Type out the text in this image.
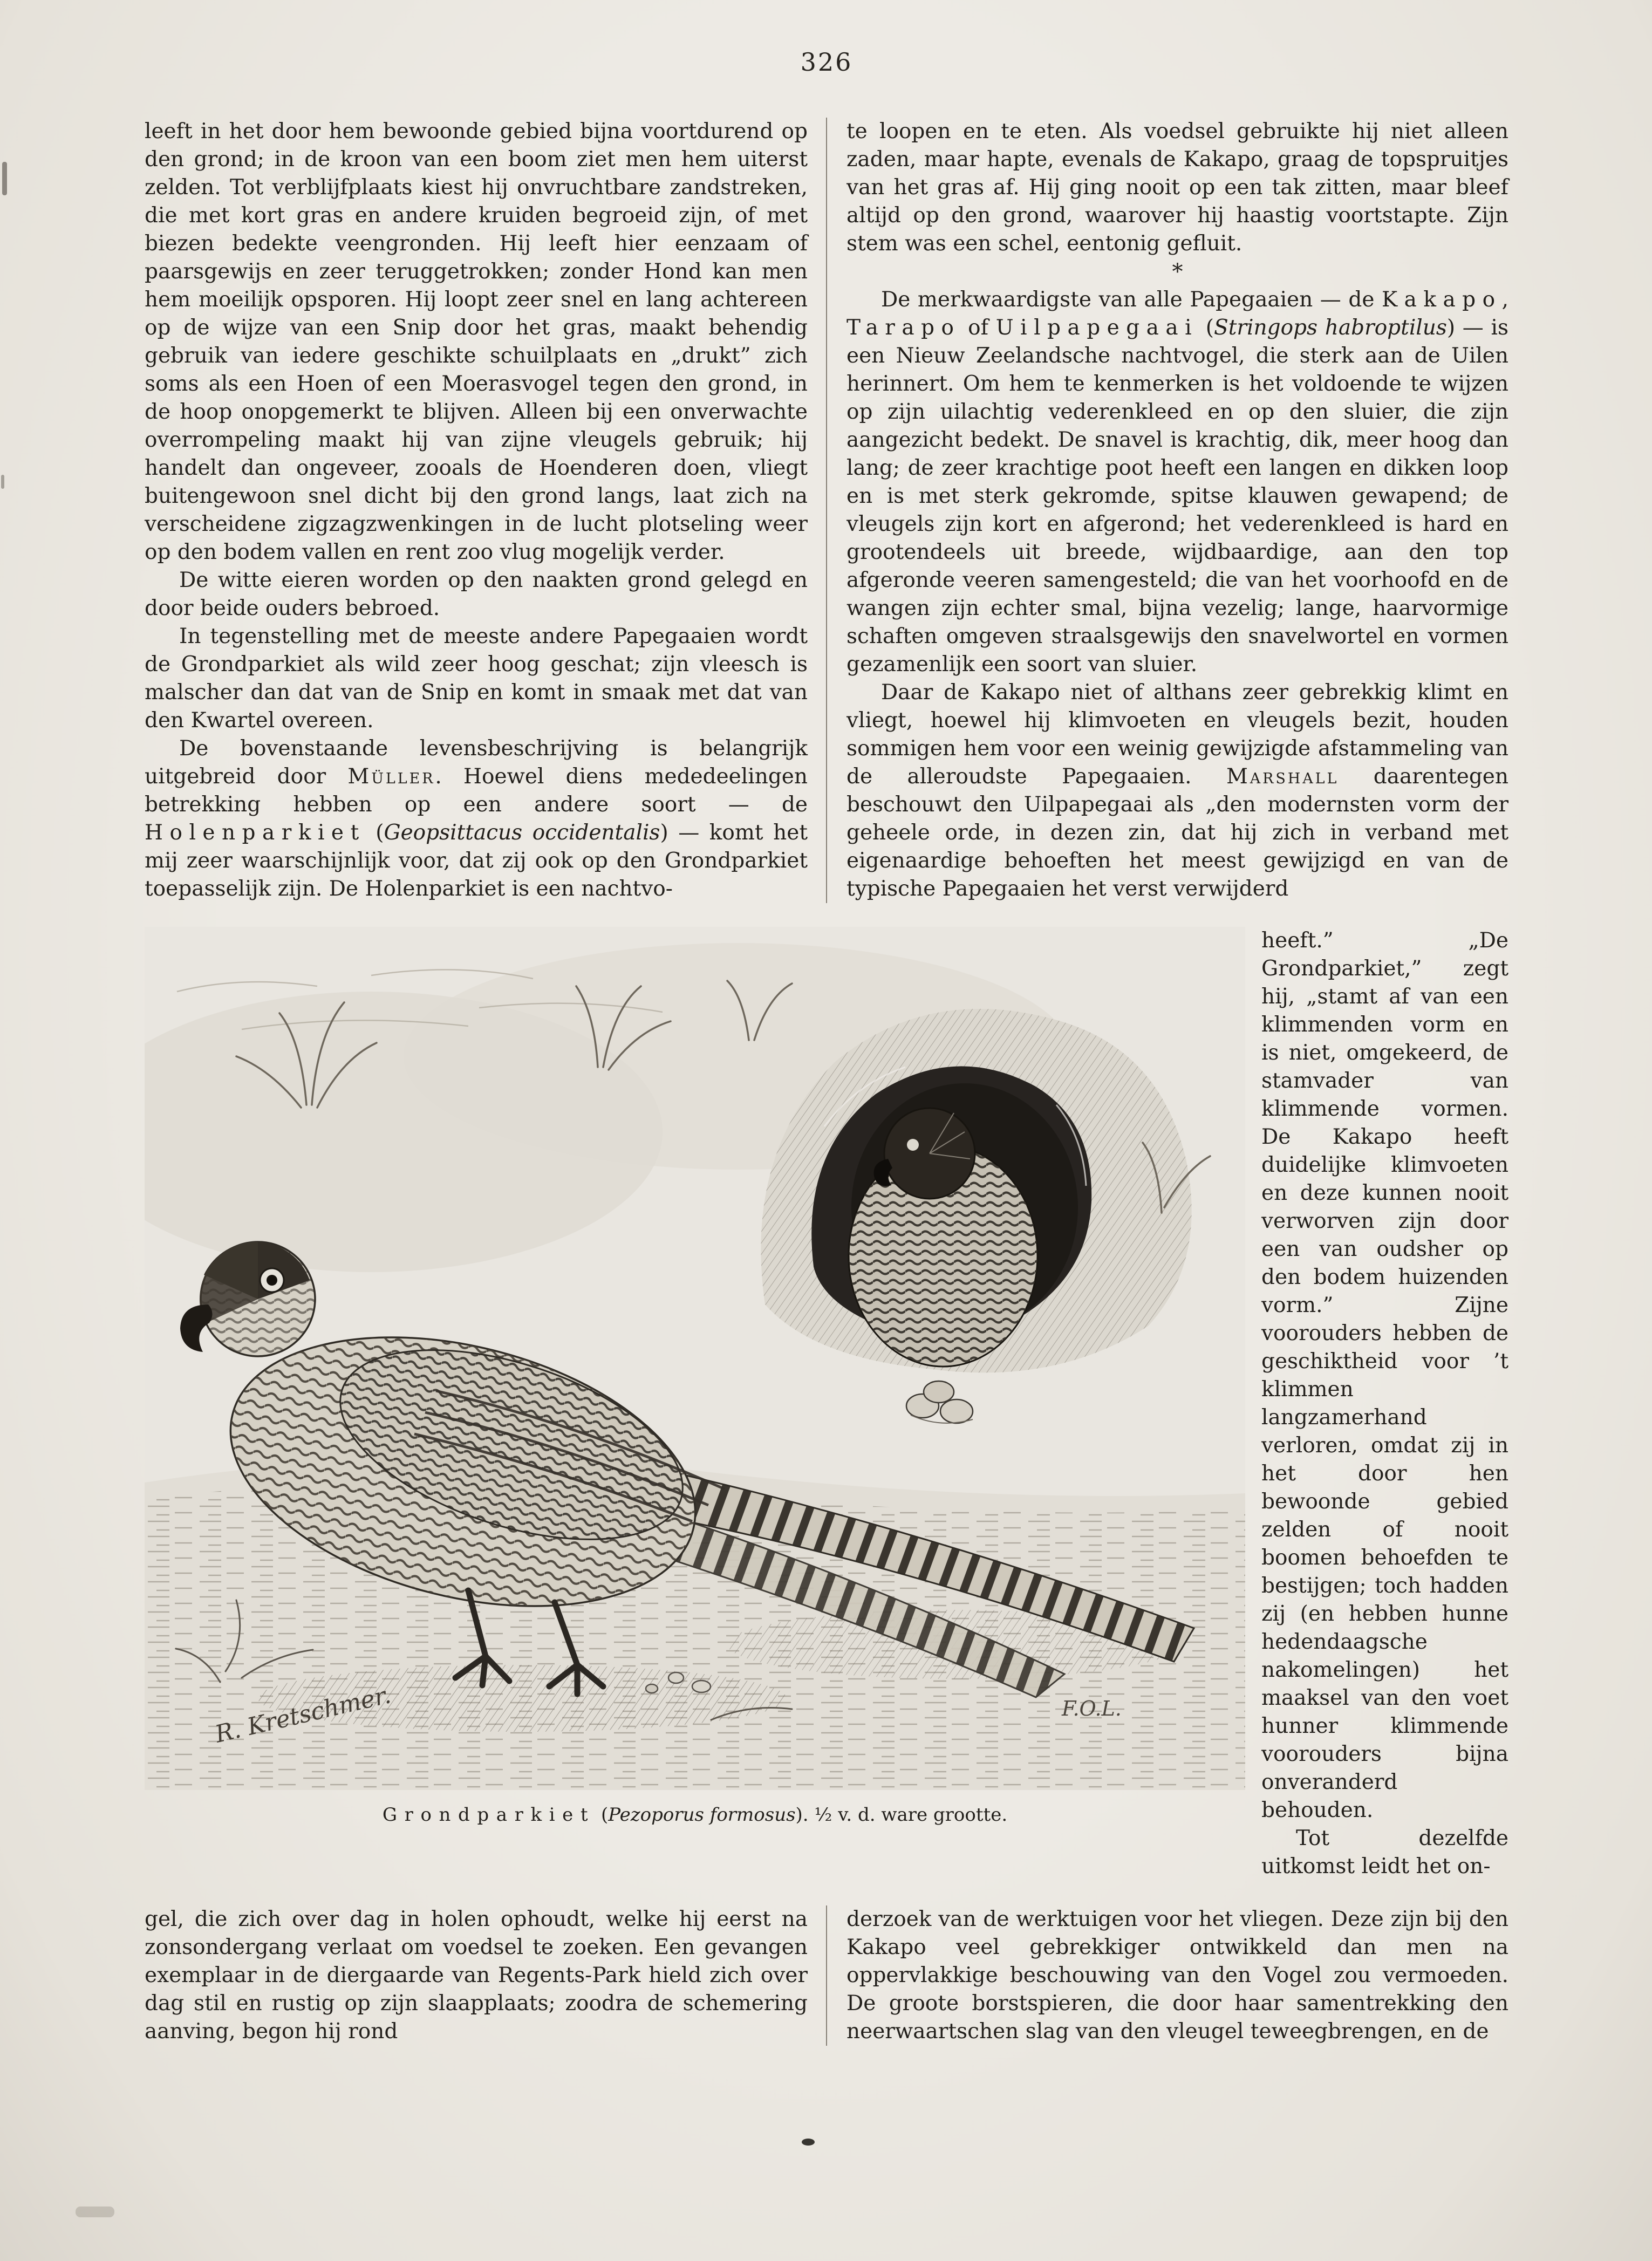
326

leeft in het door hem bewoonde gebied bijna voortdurend op den grond; in de kroon van een boom ziet men hem uiterst zelden. Tot verblijfplaats kiest hij onvruchtbare zandstreken, die met kort gras en andere kruiden begroeid zijn, of met biezen bedekte veengronden. Hij leeft hier eenzaam of paarsgewijs en zeer teruggetrokken; zonder Hond kan men hem moeilijk opsporen. Hij loopt zeer snel en lang achtereen op de wijze van een Snip door het gras, maakt behendig gebruik van iedere geschikte schuilplaats en „drukt” zich soms als een Hoen of een Moerasvogel tegen den grond, in de hoop onopgemerkt te blijven. Alleen bij een onverwachte overrompeling maakt hij van zijne vleugels gebruik; hij handelt dan ongeveer, zooals de Hoenderen doen, vliegt buitengewoon snel dicht bij den grond langs, laat zich na verscheidene zigzagzwenkingen in de lucht plotseling weer op den bodem vallen en rent zoo vlug mogelijk verder.

De witte eieren worden op den naakten grond gelegd en door beide ouders bebroed.

In tegenstelling met de meeste andere Papegaaien wordt de Grondparkiet als wild zeer hoog geschat; zijn vleesch is malscher dan dat van de Snip en komt in smaak met dat van den Kwartel overeen.

De bovenstaande levensbeschrijving is belangrijk uitgebreid door Müller. Hoewel diens mededeelingen betrekking hebben op een andere soort — de Holenparkiet (Geopsittacus occidentalis) — komt het mij zeer waarschijnlijk voor, dat zij ook op den Grondparkiet toepasselijk zijn. De Holenparkiet is een nachtvo-

te loopen en te eten. Als voedsel gebruikte hij niet alleen zaden, maar hapte, evenals de Kakapo, graag de topspruitjes van het gras af. Hij ging nooit op een tak zitten, maar bleef altijd op den grond, waarover hij haastig voortstapte. Zijn stem was een schel, eentonig gefluit.

*

De merkwaardigste van alle Papegaaien — de Kakapo, Tarapo of Uilpapegaai (Stringops habroptilus) — is een Nieuw Zeelandsche nachtvogel, die sterk aan de Uilen herinnert. Om hem te kenmerken is het voldoende te wijzen op zijn uilachtig vederenkleed en op den sluier, die zijn aangezicht bedekt. De snavel is krachtig, dik, meer hoog dan lang; de zeer krachtige poot heeft een langen en dikken loop en is met sterk gekromde, spitse klauwen gewapend; de vleugels zijn kort en afgerond; het vederenkleed is hard en grootendeels uit breede, wijdbaardige, aan den top afgeronde veeren samengesteld; die van het voorhoofd en de wangen zijn echter smal, bijna vezelig; lange, haarvormige schaften omgeven straalsgewijs den snavelwortel en vormen gezamenlijk een soort van sluier.

Daar de Kakapo niet of althans zeer gebrekkig klimt en vliegt, hoewel hij klimvoeten en vleugels bezit, houden sommigen hem voor een weinig gewijzigde afstammeling van de alleroudste Papegaaien. Marshall daarentegen beschouwt den Uilpapegaai als „den modernsten vorm der geheele orde, in dezen zin, dat hij zich in verband met eigenaardige behoeften het meest gewijzigd en van de typische Papegaaien het verst verwijderd

R. Kretschmer.	F.O.L.
Grondparkiet (Pezoporus formosus). ½ v. d. ware grootte.

heeft.” „De Grondparkiet,” zegt hij, „stamt af van een klimmenden vorm en is niet, omgekeerd, de stamvader van klimmende vormen. De Kakapo heeft duidelijke klimvoeten en deze kunnen nooit verworven zijn door een van oudsher op den bodem huizenden vorm.” Zijne voorouders hebben de geschiktheid voor ’t klimmen langzamerhand verloren, omdat zij in het door hen bewoonde gebied zelden of nooit boomen behoefden te bestijgen; toch hadden zij (en hebben hunne hedendaagsche nakomelingen) het maaksel van den voet hunner klimmende voorouders bijna onveranderd behouden.

Tot dezelfde uitkomst leidt het on-

gel, die zich over dag in holen ophoudt, welke hij eerst na zonsondergang verlaat om voedsel te zoeken. Een gevangen exemplaar in de diergaarde van Regents-Park hield zich over dag stil en rustig op zijn slaapplaats; zoodra de schemering aanving, begon hij rond

derzoek van de werktuigen voor het vliegen. Deze zijn bij den Kakapo veel gebrekkiger ontwikkeld dan men na oppervlakkige beschouwing van den Vogel zou vermoeden. De groote borstspieren, die door haar samentrekking den neerwaartschen slag van den vleugel teweegbrengen, en de
